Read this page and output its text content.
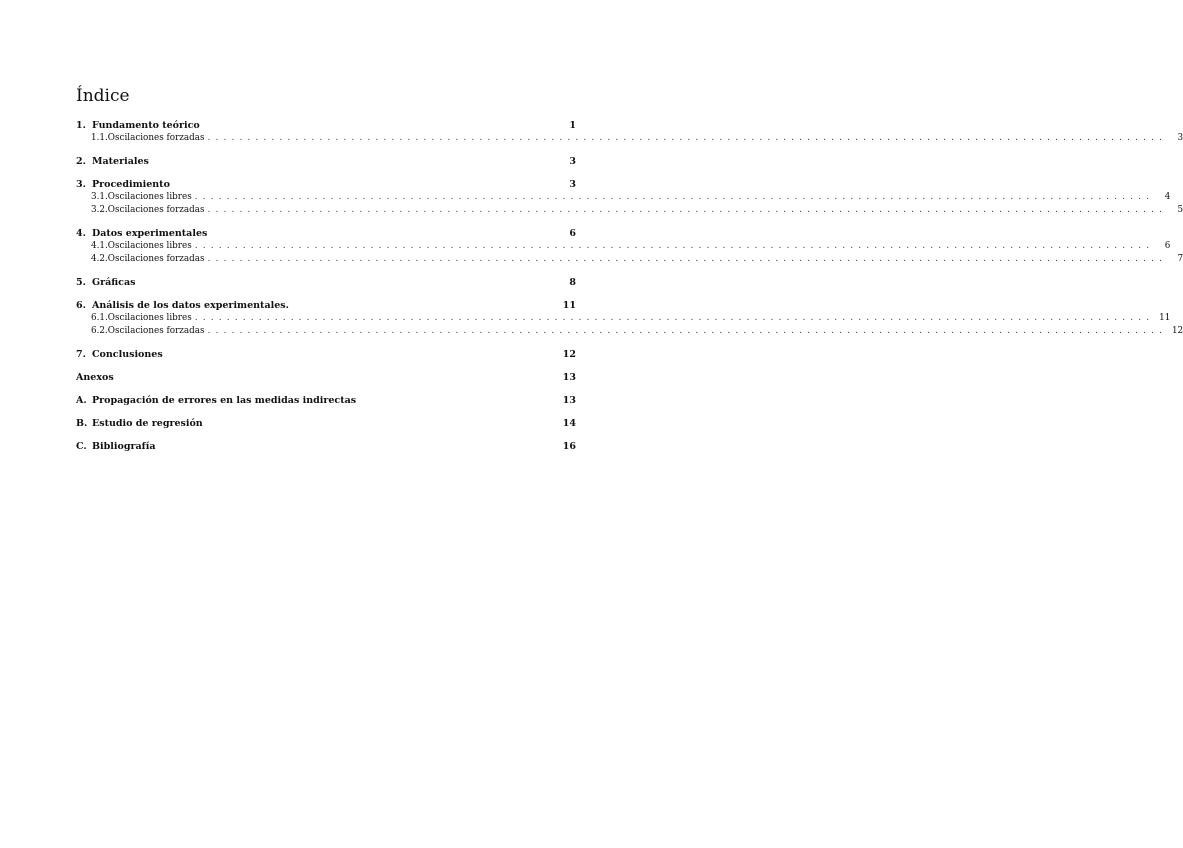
Índice
1. Fundamento teórico	1
1.1. Oscilaciones forzadas ........................................................................................................................	3
2. Materiales	3
3. Procedimiento	3
3.1. Oscilaciones libres ........................................................................................................................	4
3.2. Oscilaciones forzadas ........................................................................................................................	5
4. Datos experimentales	6
4.1. Oscilaciones libres ........................................................................................................................	6
4.2. Oscilaciones forzadas ........................................................................................................................	7
5. Gráficas	8
6. Análisis de los datos experimentales.	11
6.1. Oscilaciones libres ........................................................................................................................ 11
6.2. Oscilaciones forzadas ........................................................................................................................ 12
7. Conclusiones	12
Anexos	13
A. Propagación de errores en las medidas indirectas	13
B. Estudio de regresión	14
C. Bibliografía	16
